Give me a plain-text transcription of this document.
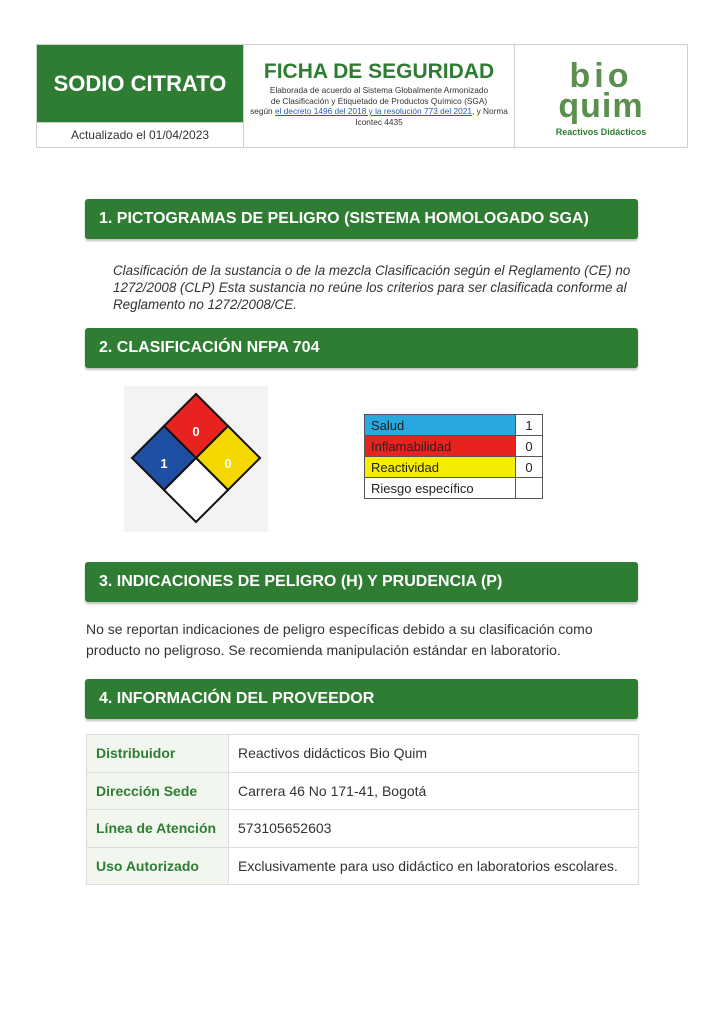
SODIO CITRATO
Actualizado el 01/04/2023
FICHA DE SEGURIDAD
Elaborada de acuerdo al Sistema Globalmente Armonizado
de Clasificación y Etiquetado de Productos Químico (SGA)
según el decreto 1496 del 2018 y la resolución 773 del 2021, y Norma Icontec 4435
bio
quim
Reactivos Didácticos
1. PICTOGRAMAS DE PELIGRO (SISTEMA HOMOLOGADO SGA)
Clasificación de la sustancia o de la mezcla Clasificación según el Reglamento (CE) no 1272/2008 (CLP) Esta sustancia no reúne los criterios para ser clasificada conforme al Reglamento no 1272/2008/CE.
2. CLASIFICACIÓN NFPA 704
0
1	0
Salud	1
Inflamabilidad	0
Reactividad	0
Riesgo específico	
3. INDICACIONES DE PELIGRO (H) Y PRUDENCIA (P)
No se reportan indicaciones de peligro específicas debido a su clasificación como producto no peligroso. Se recomienda manipulación estándar en laboratorio.
4. INFORMACIÓN DEL PROVEEDOR
Distribuidor	Reactivos didácticos Bio Quim
Dirección Sede	Carrera 46 No 171-41, Bogotá
Línea de Atención	573105652603
Uso Autorizado	Exclusivamente para uso didáctico en laboratorios escolares.
